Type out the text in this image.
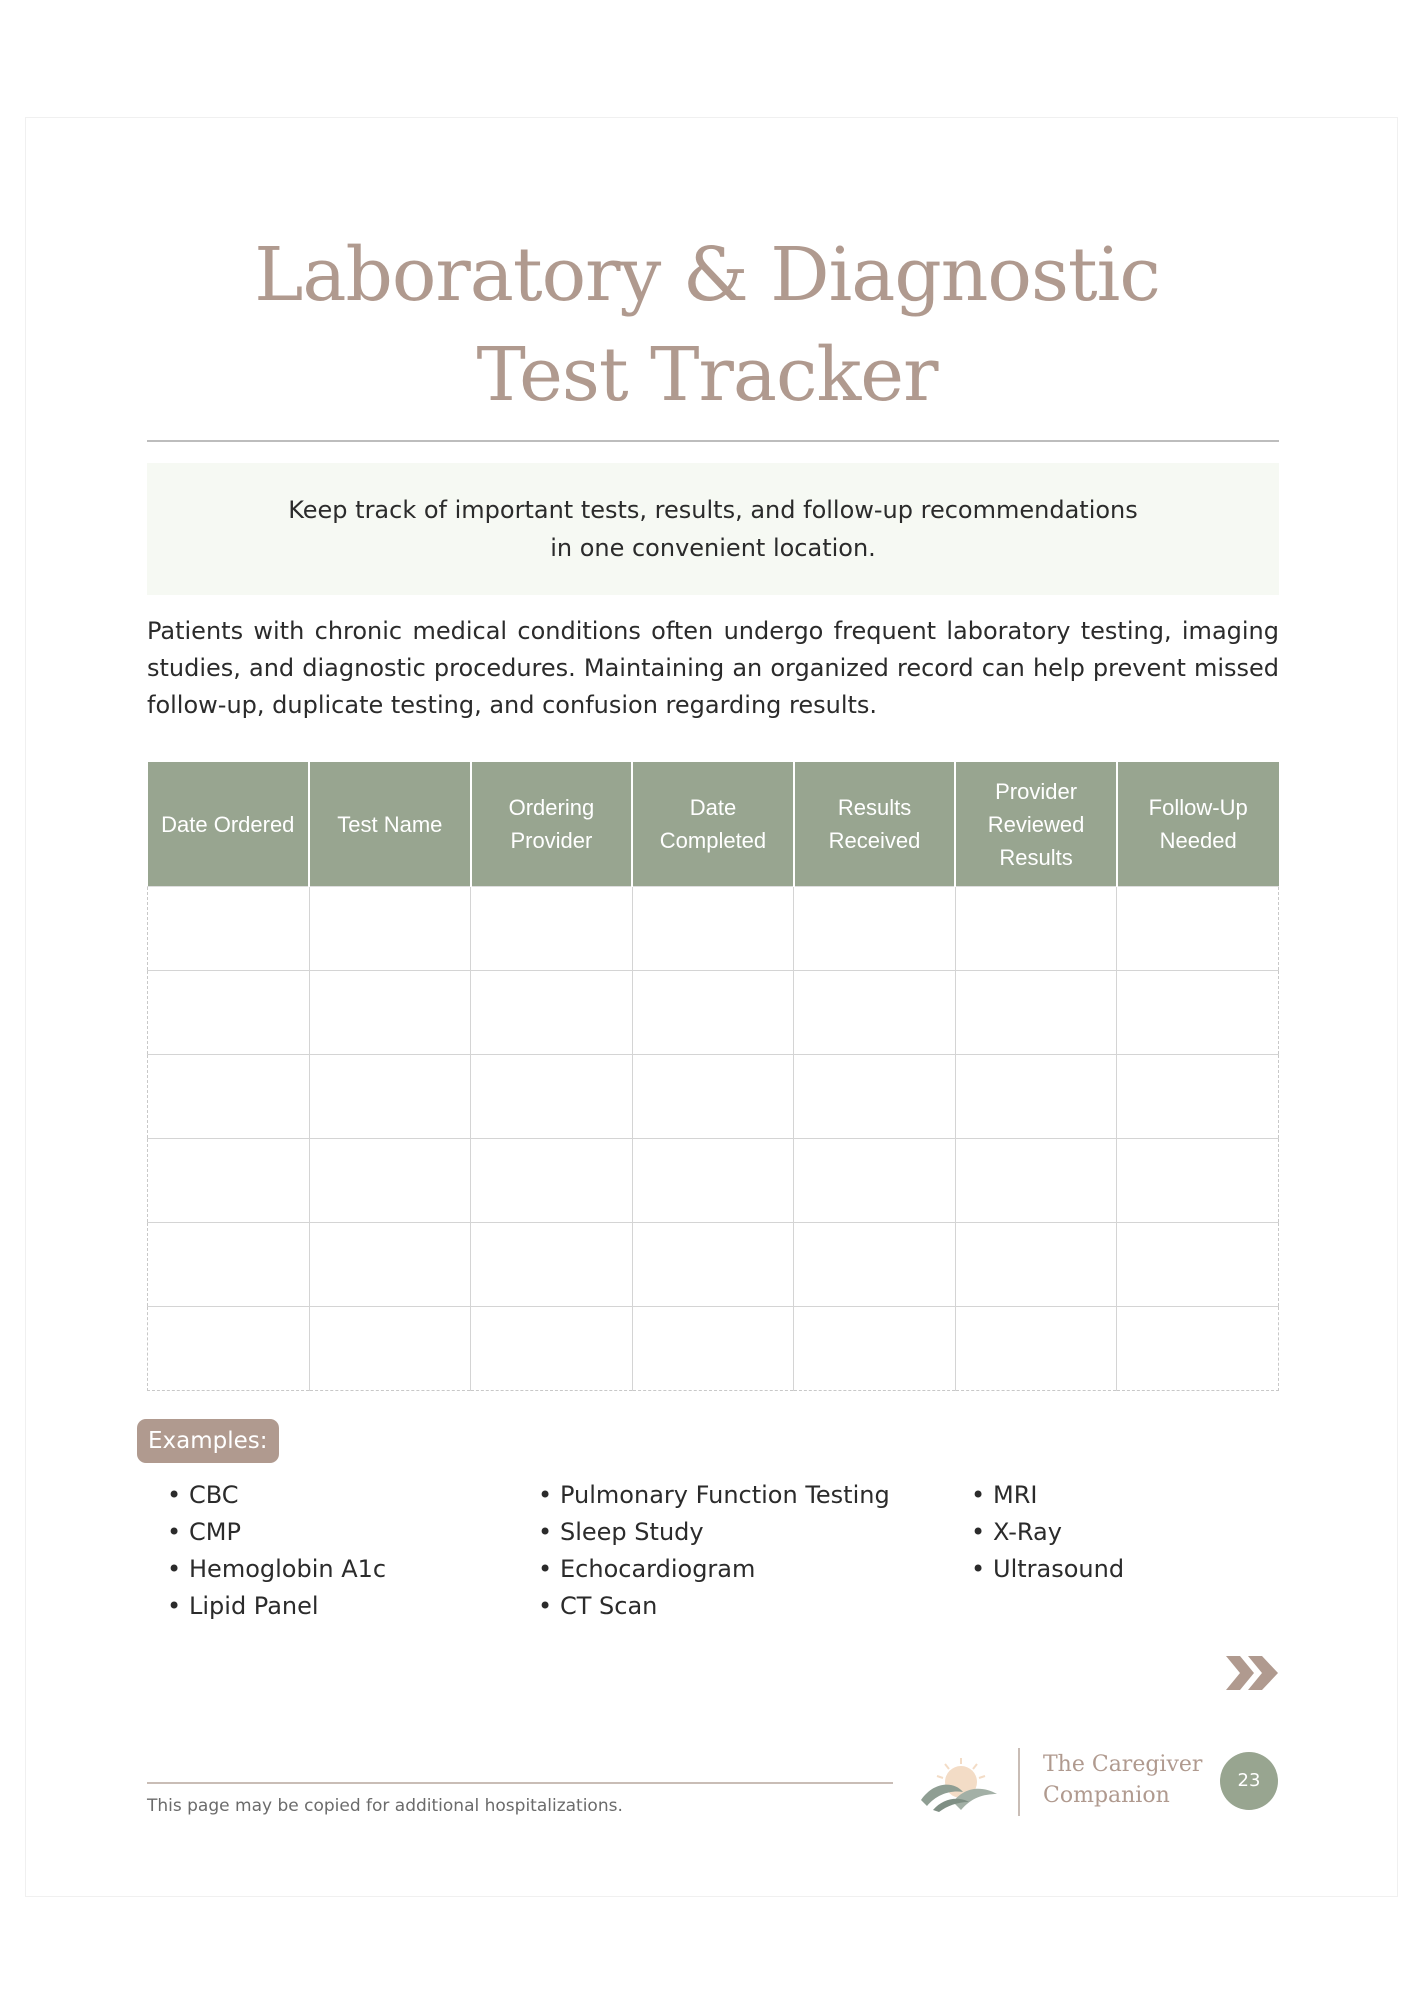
Laboratory & Diagnostic
Test Tracker
Keep track of important tests, results, and follow-up recommendations in one convenient location.

Patients with chronic medical conditions often undergo frequent laboratory testing, imaging studies, and diagnostic procedures. Maintaining an organized record can help prevent missed follow-up, duplicate testing, and confusion regarding results.

Date Ordered	Test Name	Ordering Provider	Date Completed	Results Received	Provider Reviewed Results	Follow-Up Needed

Examples:
• CBC
• CMP
• Hemoglobin A1c
• Lipid Panel
• Pulmonary Function Testing
• Sleep Study
• Echocardiogram
• CT Scan
• MRI
• X-Ray
• Ultrasound
This page may be copied for additional hospitalizations.
The Caregiver
Companion
23
